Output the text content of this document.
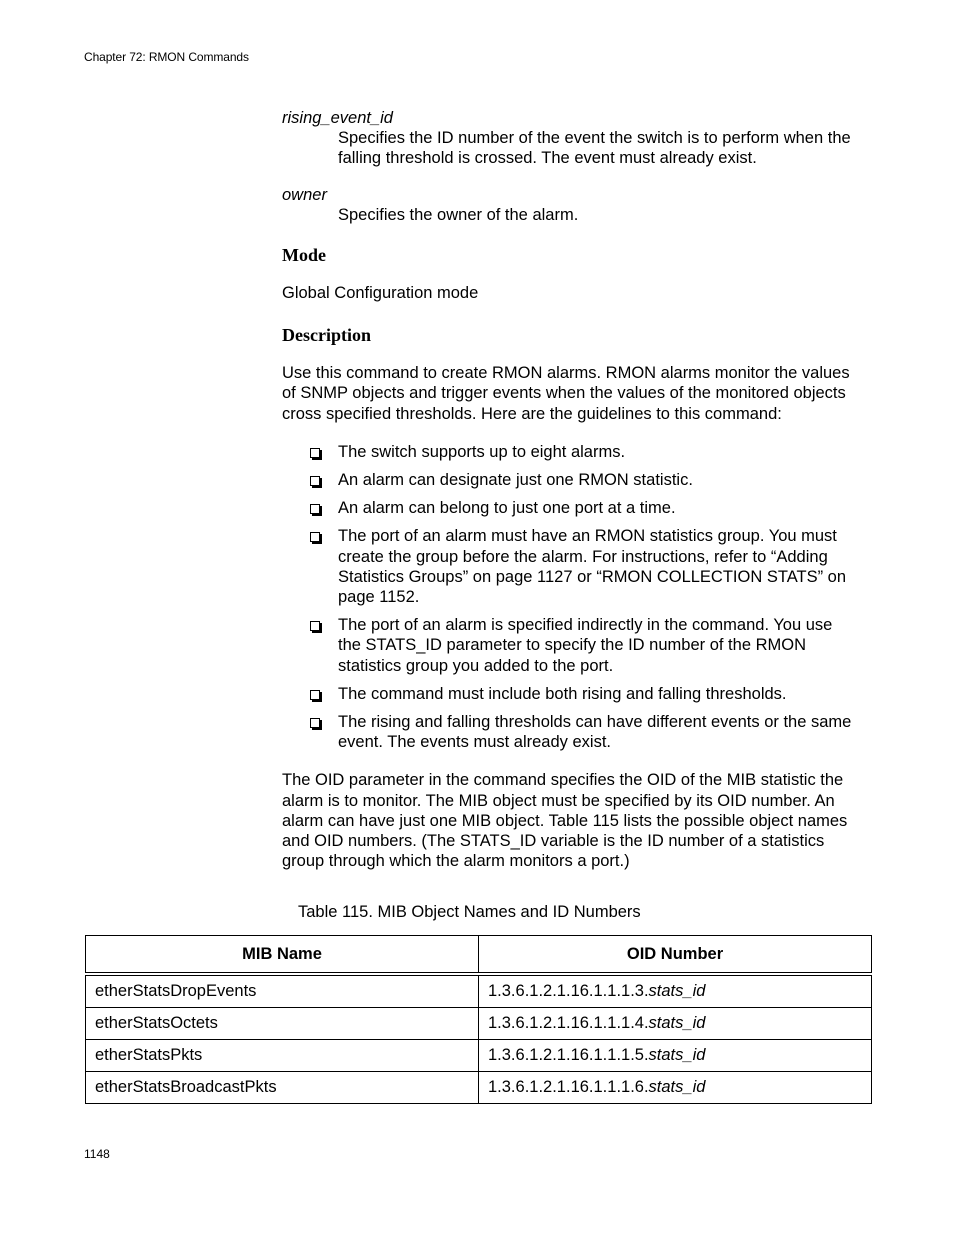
Chapter 72: RMON Commands
rising_event_id
Specifies the ID number of the event the switch is to perform when the falling threshold is crossed. The event must already exist.
owner
Specifies the owner of the alarm.
Mode

Global Configuration mode

Description

Use this command to create RMON alarms. RMON alarms monitor the values of SNMP objects and trigger events when the values of the monitored objects cross specified thresholds. Here are the guidelines to this command:

The switch supports up to eight alarms.
An alarm can designate just one RMON statistic.
An alarm can belong to just one port at a time.
The port of an alarm must have an RMON statistics group. You must create the group before the alarm. For instructions, refer to “Adding Statistics Groups” on page 1127 or “RMON COLLECTION STATS” on page 1152.
The port of an alarm is specified indirectly in the command. You use the STATS_ID parameter to specify the ID number of the RMON statistics group you added to the port.
The command must include both rising and falling thresholds.
The rising and falling thresholds can have different events or the same event. The events must already exist.

The OID parameter in the command specifies the OID of the MIB statistic the alarm is to monitor. The MIB object must be specified by its OID number. An alarm can have just one MIB object. Table 115 lists the possible object names and OID numbers. (The STATS_ID variable is the ID number of a statistics group through which the alarm monitors a port.)

Table 115. MIB Object Names and ID Numbers
MIB Name	OID Number
etherStatsDropEvents	1.3.6.1.2.1.16.1.1.1.3.stats_id
etherStatsOctets	1.3.6.1.2.1.16.1.1.1.4.stats_id
etherStatsPkts	1.3.6.1.2.1.16.1.1.1.5.stats_id
etherStatsBroadcastPkts	1.3.6.1.2.1.16.1.1.1.6.stats_id
1148
